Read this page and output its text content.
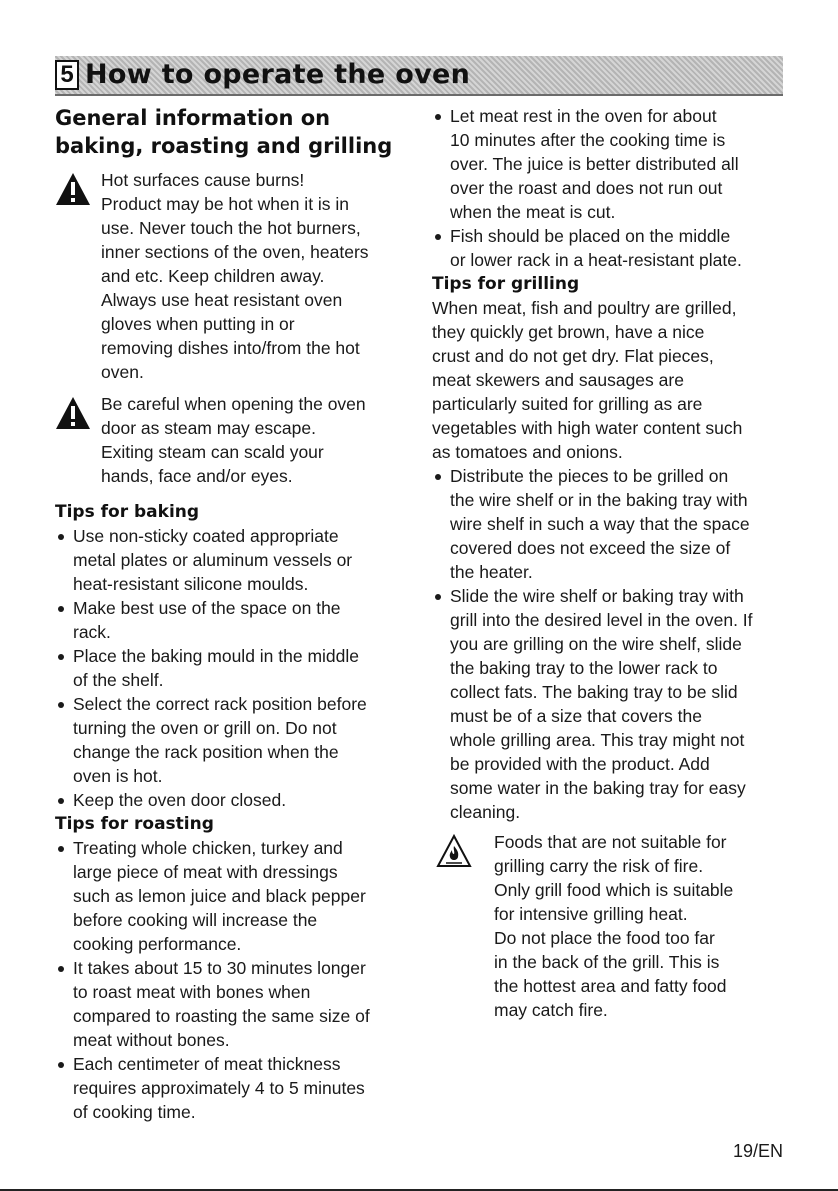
5 How to operate the oven
General information on
baking, roasting and grilling
Hot surfaces cause burns!
Product may be hot when it is in
use. Never touch the hot burners,
inner sections of the oven, heaters
and etc. Keep children away.
Always use heat resistant oven
gloves when putting in or
removing dishes into/from the hot
oven.
Be careful when opening the oven
door as steam may escape.
Exiting steam can scald your
hands, face and/or eyes.
Tips for baking
Use non-sticky coated appropriate
metal plates or aluminum vessels or
heat-resistant silicone moulds.
Make best use of the space on the
rack.
Place the baking mould in the middle
of the shelf.
Select the correct rack position before
turning the oven or grill on. Do not
change the rack position when the
oven is hot.
Keep the oven door closed.
Tips for roasting
Treating whole chicken, turkey and
large piece of meat with dressings
such as lemon juice and black pepper
before cooking will increase the
cooking performance.
It takes about 15 to 30 minutes longer
to roast meat with bones when
compared to roasting the same size of
meat without bones.
Each centimeter of meat thickness
requires approximately 4 to 5 minutes
of cooking time.
Let meat rest in the oven for about
10 minutes after the cooking time is
over. The juice is better distributed all
over the roast and does not run out
when the meat is cut.
Fish should be placed on the middle
or lower rack in a heat-resistant plate.
Tips for grilling
When meat, fish and poultry are grilled,
they quickly get brown, have a nice
crust and do not get dry. Flat pieces,
meat skewers and sausages are
particularly suited for grilling as are
vegetables with high water content such
as tomatoes and onions.
Distribute the pieces to be grilled on
the wire shelf or in the baking tray with
wire shelf in such a way that the space
covered does not exceed the size of
the heater.
Slide the wire shelf or baking tray with
grill into the desired level in the oven. If
you are grilling on the wire shelf, slide
the baking tray to the lower rack to
collect fats. The baking tray to be slid
must be of a size that covers the
whole grilling area. This tray might not
be provided with the product. Add
some water in the baking tray for easy
cleaning.
Foods that are not suitable for
grilling carry the risk of fire.
Only grill food which is suitable
for intensive grilling heat.
Do not place the food too far
in the back of the grill. This is
the hottest area and fatty food
may catch fire.
19/EN
